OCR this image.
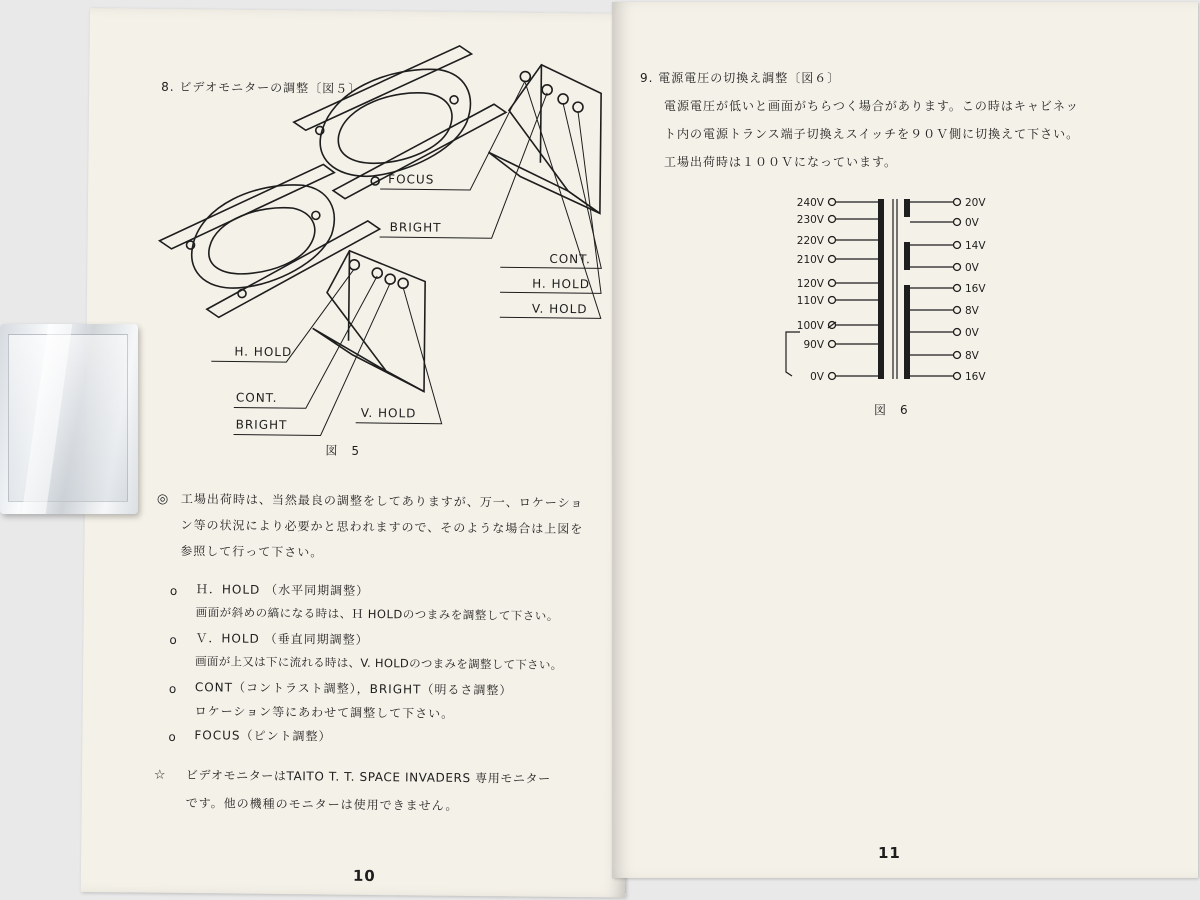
8. ビデオモニターの調整〔図５〕
FOCUS
BRIGHT
CONT.
H. HOLD
V. HOLD
H. HOLD
CONT.
BRIGHT
V. HOLD
図　5
◎ 工場出荷時は、当然最良の調整をしてありますが、万一、ロケーショ
ン等の状況により必要かと思われますので、そのような場合は上図を
参照して行って下さい。
o Ｈ．HOLD （水平同期調整）
画面が斜めの縞になる時は、Ｈ HOLDのつまみを調整して下さい。
o Ｖ．HOLD （垂直同期調整）
画面が上又は下に流れる時は、V. HOLDのつまみを調整して下さい。
o CONT（コントラスト調整），BRIGHT（明るさ調整）
ロケーション等にあわせて調整して下さい。
o FOCUS（ピント調整）
☆ ビデオモニターはTAITO T. T. SPACE INVADERS 専用モニター
です。他の機種のモニターは使用できません。
10
9. 電源電圧の切換え調整〔図６〕
電源電圧が低いと画面がちらつく場合があります。この時はキャビネッ
ト内の電源トランス端子切換えスイッチを９０Ｖ側に切換えて下さい。
工場出荷時は１００Ｖになっています。
240V
230V
220V
210V
120V
110V
100V
90V
0V
20V
0V
14V
0V
16V
8V
0V
8V
16V
図　6
11
